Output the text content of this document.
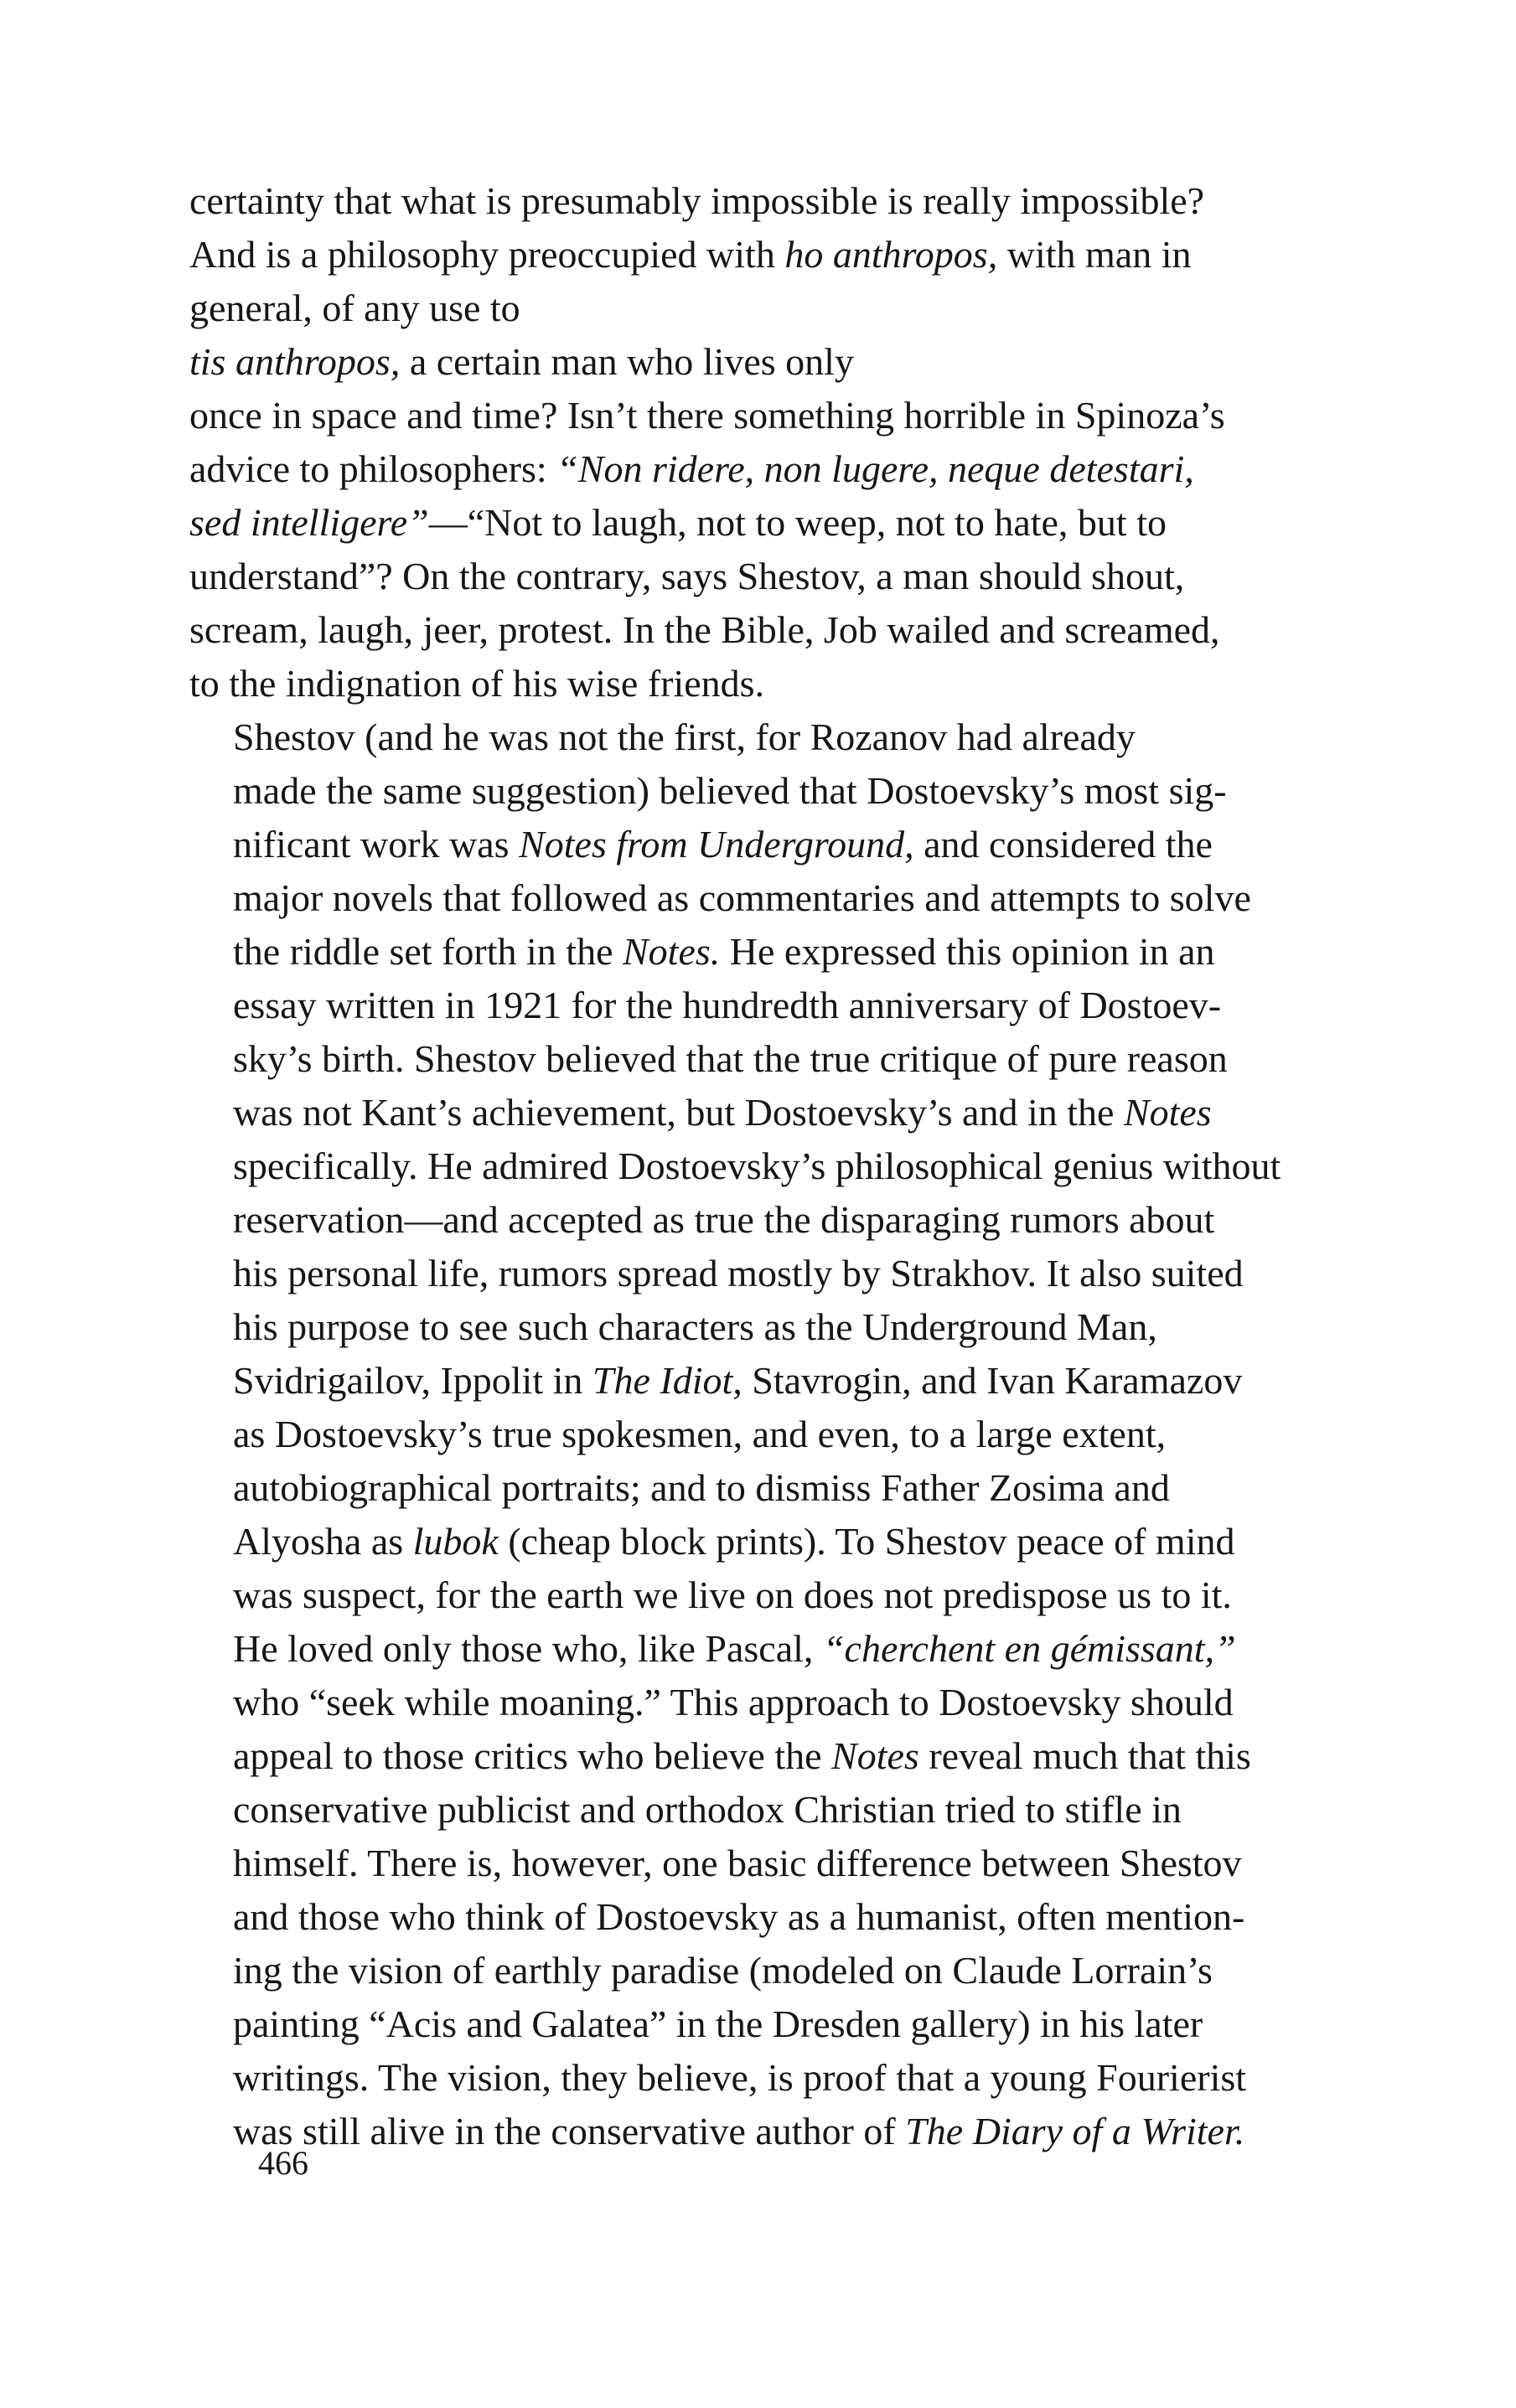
certainty that what is presumably impossible is really impossible?
And is a philosophy preoccupied with ho anthropos, with man in
general, of any use to
tis anthropos, a certain man who lives only
once in space and time? Isn’t there something horrible in Spinoza’s
advice to philosophers: “Non ridere, non lugere, neque detestari,
sed intelligere”—“Not to laugh, not to weep, not to hate, but to
understand”? On the contrary, says Shestov, a man should shout,
scream, laugh, jeer, protest. In the Bible, Job wailed and screamed,
to the indignation of his wise friends.

Shestov (and he was not the first, for Rozanov had already
made the same suggestion) believed that Dostoevsky’s most sig-
nificant work was Notes from Underground, and considered the
major novels that followed as commentaries and attempts to solve
the riddle set forth in the Notes. He expressed this opinion in an
essay written in 1921 for the hundredth anniversary of Dostoev-
sky’s birth. Shestov believed that the true critique of pure reason
was not Kant’s achievement, but Dostoevsky’s and in the Notes
specifically. He admired Dostoevsky’s philosophical genius without
reservation—and accepted as true the disparaging rumors about
his personal life, rumors spread mostly by Strakhov. It also suited
his purpose to see such characters as the Underground Man,
Svidrigailov, Ippolit in The Idiot, Stavrogin, and Ivan Karamazov
as Dostoevsky’s true spokesmen, and even, to a large extent,
autobiographical portraits; and to dismiss Father Zosima and
Alyosha as lubok (cheap block prints). To Shestov peace of mind
was suspect, for the earth we live on does not predispose us to it.
He loved only those who, like Pascal, “cherchent en gémissant,”
who “seek while moaning.” This approach to Dostoevsky should
appeal to those critics who believe the Notes reveal much that this
conservative publicist and orthodox Christian tried to stifle in
himself. There is, however, one basic difference between Shestov
and those who think of Dostoevsky as a humanist, often mention-
ing the vision of earthly paradise (modeled on Claude Lorrain’s
painting “Acis and Galatea” in the Dresden gallery) in his later
writings. The vision, they believe, is proof that a young Fourierist
was still alive in the conservative author of The Diary of a Writer.

466
